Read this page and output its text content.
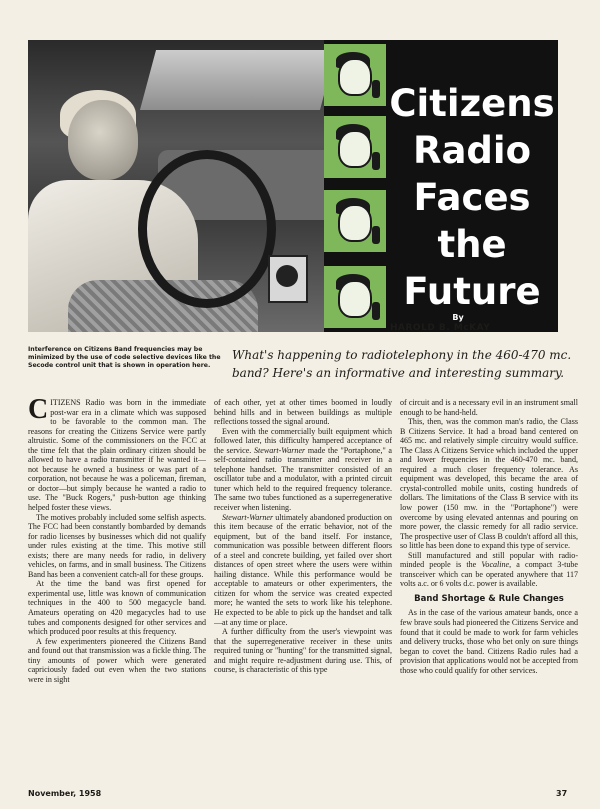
Citizens
Radio
Faces
the
Future
By
HAROLD B. McKAY

Interference on Citizens Band frequencies may be minimized by the use of code selective devices like the Secode control unit that is shown in operation here.

What's happening to radiotelephony in the 460-470 mc. band? Here's an informative and interesting summary.

CITIZENS Radio was born in the immediate post-war era in a climate which was supposed to be favorable to the common man. The reasons for creating the Citizens Service were partly altruistic. Some of the commissioners on the FCC at the time felt that the plain ordinary citizen should be allowed to have a radio transmitter if he wanted it—not because he owned a business or was part of a corporation, not because he was a policeman, fireman, or doctor—but simply because he wanted a radio to use. The "Buck Rogers," push-button age thinking helped foster these views.

The motives probably included some selfish aspects. The FCC had been constantly bombarded by demands for radio licenses by businesses which did not qualify under rules existing at the time. This motive still exists; there are many needs for radio, in delivery vehicles, on farms, and in small business. The Citizens Band has been a convenient catch-all for these groups.

At the time the band was first opened for experimental use, little was known of communication techniques in the 400 to 500 megacycle band. Amateurs operating on 420 megacycles had to use tubes and components designed for other services and which produced poor results at this frequency.

A few experimenters pioneered the Citizens Band and found out that transmission was a fickle thing. The tiny amounts of power which were generated capriciously faded out even when the two stations were in sight

of each other, yet at other times boomed in loudly behind hills and in between buildings as multiple reflections tossed the signal around.

Even with the commercially built equipment which followed later, this difficulty hampered acceptance of the service. Stewart-Warner made the "Portaphone," a self-contained radio transmitter and receiver in a telephone handset. The transmitter consisted of an oscillator tube and a modulator, with a printed circuit tuner which held to the required frequency tolerance. The same two tubes functioned as a superregenerative receiver when listening.

Stewart-Warner ultimately abandoned production on this item because of the erratic behavior, not of the equipment, but of the band itself. For instance, communication was possible between different floors of a steel and concrete building, yet failed over short distances of open street where the users were within hailing distance. While this performance would be acceptable to amateurs or other experimenters, the citizen for whom the service was created expected more; he wanted the sets to work like his telephone. He expected to be able to pick up the handset and talk—at any time or place.

A further difficulty from the user's viewpoint was that the superregenerative receiver in these units required tuning or "hunting" for the transmitted signal, and might require re-adjustment during use. This, of course, is characteristic of this type

of circuit and is a necessary evil in an instrument small enough to be hand-held.

This, then, was the common man's radio, the Class B Citizens Service. It had a broad band centered on 465 mc. and relatively simple circuitry would suffice. The Class A Citizens Service which included the upper and lower frequencies in the 460-470 mc. band, required a much closer frequency tolerance. As equipment was developed, this became the area of crystal-controlled mobile units, costing hundreds of dollars. The limitations of the Class B service with its low power (150 mw. in the "Portaphone") were overcome by using elevated antennas and pouring on more power, the classic remedy for all radio service. The prospective user of Class B couldn't afford all this, so little has been done to expand this type of service.

Still manufactured and still popular with radio-minded people is the Vocaline, a compact 3-tube transceiver which can be operated anywhere that 117 volts a.c. or 6 volts d.c. power is available.

Band Shortage & Rule Changes

As in the case of the various amateur bands, once a few brave souls had pioneered the Citizens Service and found that it could be made to work for farm vehicles and delivery trucks, those who bet only on sure things began to covet the band. Citizens Radio rules had a provision that applications would not be accepted from those who could qualify for other services.

November, 1958	37
